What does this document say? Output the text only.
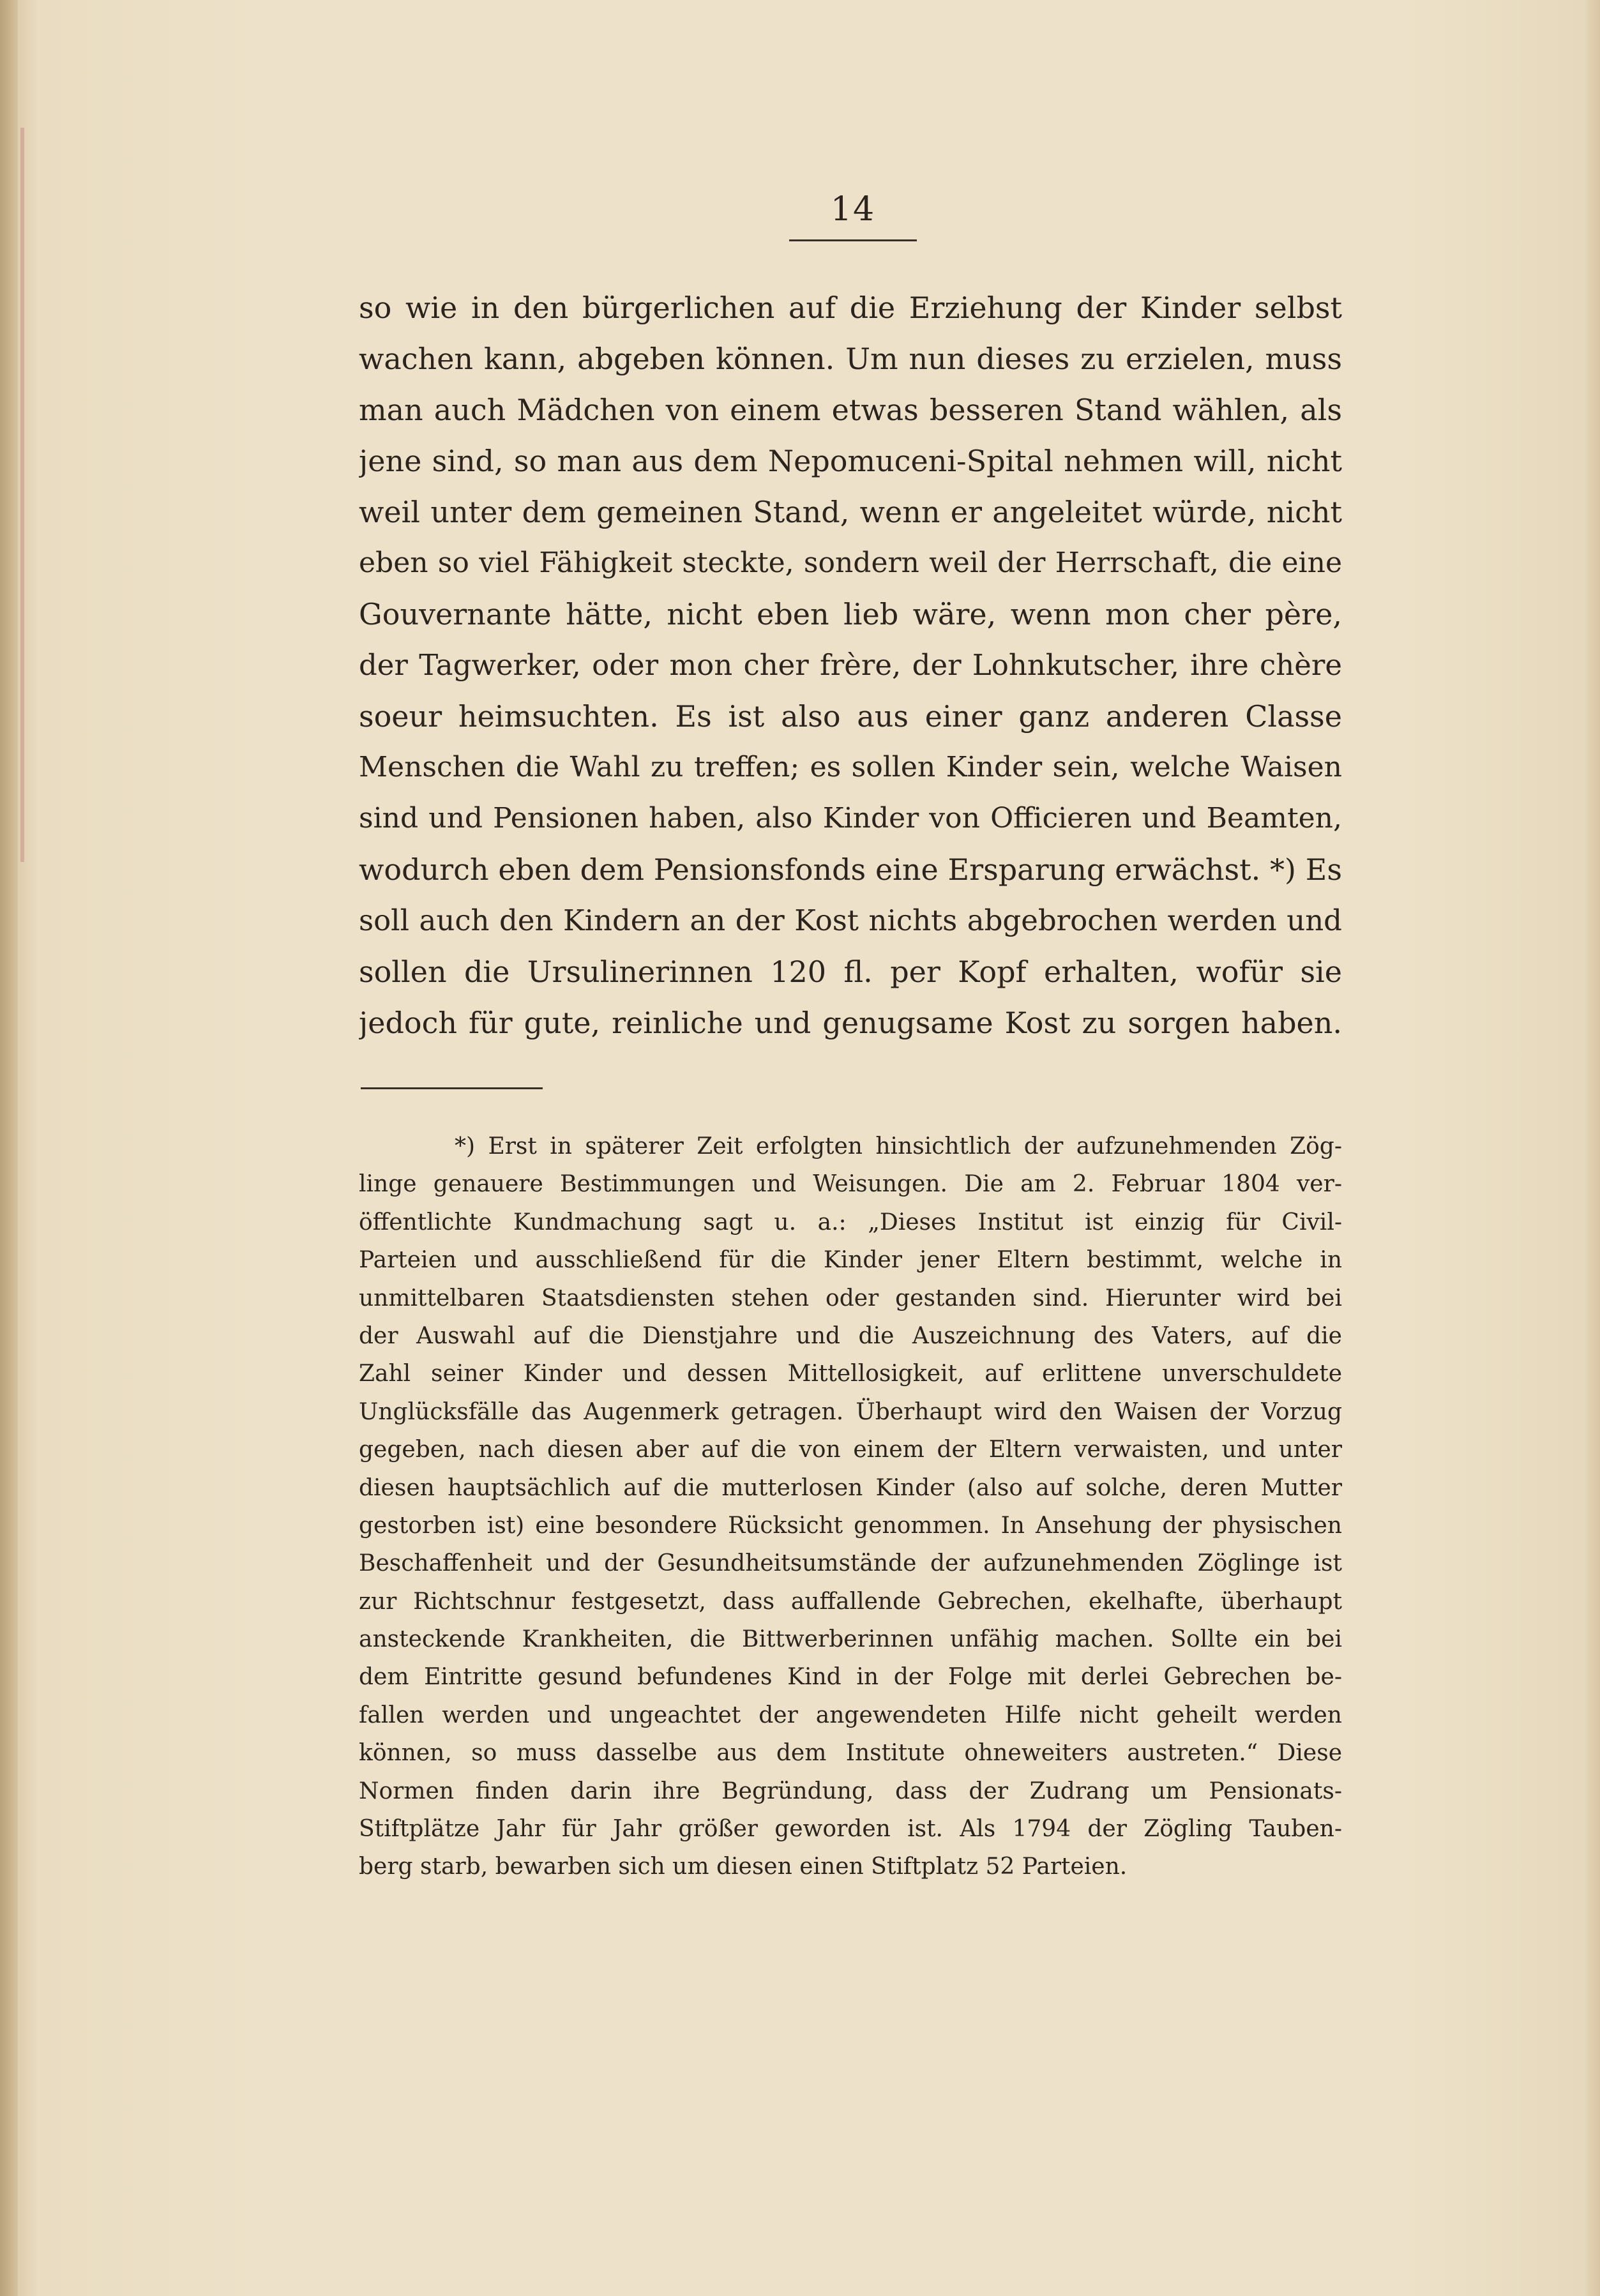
14
so wie in den bürgerlichen auf die Erziehung der Kinder selbst
wachen kann, abgeben können. Um nun dieses zu erzielen, muss
man auch Mädchen von einem etwas besseren Stand wählen, als
jene sind, so man aus dem Nepomuceni-Spital nehmen will, nicht
weil unter dem gemeinen Stand, wenn er angeleitet würde, nicht
eben so viel Fähigkeit steckte, sondern weil der Herrschaft, die eine
Gouvernante hätte, nicht eben lieb wäre, wenn mon cher père,
der Tagwerker, oder mon cher frère, der Lohnkutscher, ihre chère
soeur heimsuchten. Es ist also aus einer ganz anderen Classe
Menschen die Wahl zu treffen; es sollen Kinder sein, welche Waisen
sind und Pensionen haben, also Kinder von Officieren und Beamten,
wodurch eben dem Pensionsfonds eine Ersparung erwächst. *) Es
soll auch den Kindern an der Kost nichts abgebrochen werden und
sollen die Ursulinerinnen 120 fl. per Kopf erhalten, wofür sie
jedoch für gute, reinliche und genugsame Kost zu sorgen haben.
*) Erst in späterer Zeit erfolgten hinsichtlich der aufzunehmenden Zög-
linge genauere Bestimmungen und Weisungen. Die am 2. Februar 1804 ver-
öffentlichte Kundmachung sagt u. a.: „Dieses Institut ist einzig für Civil-
Parteien und ausschließend für die Kinder jener Eltern bestimmt, welche in
unmittelbaren Staatsdiensten stehen oder gestanden sind. Hierunter wird bei
der Auswahl auf die Dienstjahre und die Auszeichnung des Vaters, auf die
Zahl seiner Kinder und dessen Mittellosigkeit, auf erlittene unverschuldete
Unglücksfälle das Augenmerk getragen. Überhaupt wird den Waisen der Vorzug
gegeben, nach diesen aber auf die von einem der Eltern verwaisten, und unter
diesen hauptsächlich auf die mutterlosen Kinder (also auf solche, deren Mutter
gestorben ist) eine besondere Rücksicht genommen. In Ansehung der physischen
Beschaffenheit und der Gesundheitsumstände der aufzunehmenden Zöglinge ist
zur Richtschnur festgesetzt, dass auffallende Gebrechen, ekelhafte, überhaupt
ansteckende Krankheiten, die Bittwerberinnen unfähig machen. Sollte ein bei
dem Eintritte gesund befundenes Kind in der Folge mit derlei Gebrechen be-
fallen werden und ungeachtet der angewendeten Hilfe nicht geheilt werden
können, so muss dasselbe aus dem Institute ohneweiters austreten.“ Diese
Normen finden darin ihre Begründung, dass der Zudrang um Pensionats-
Stiftplätze Jahr für Jahr größer geworden ist. Als 1794 der Zögling Tauben-
berg starb, bewarben sich um diesen einen Stiftplatz 52 Parteien.
